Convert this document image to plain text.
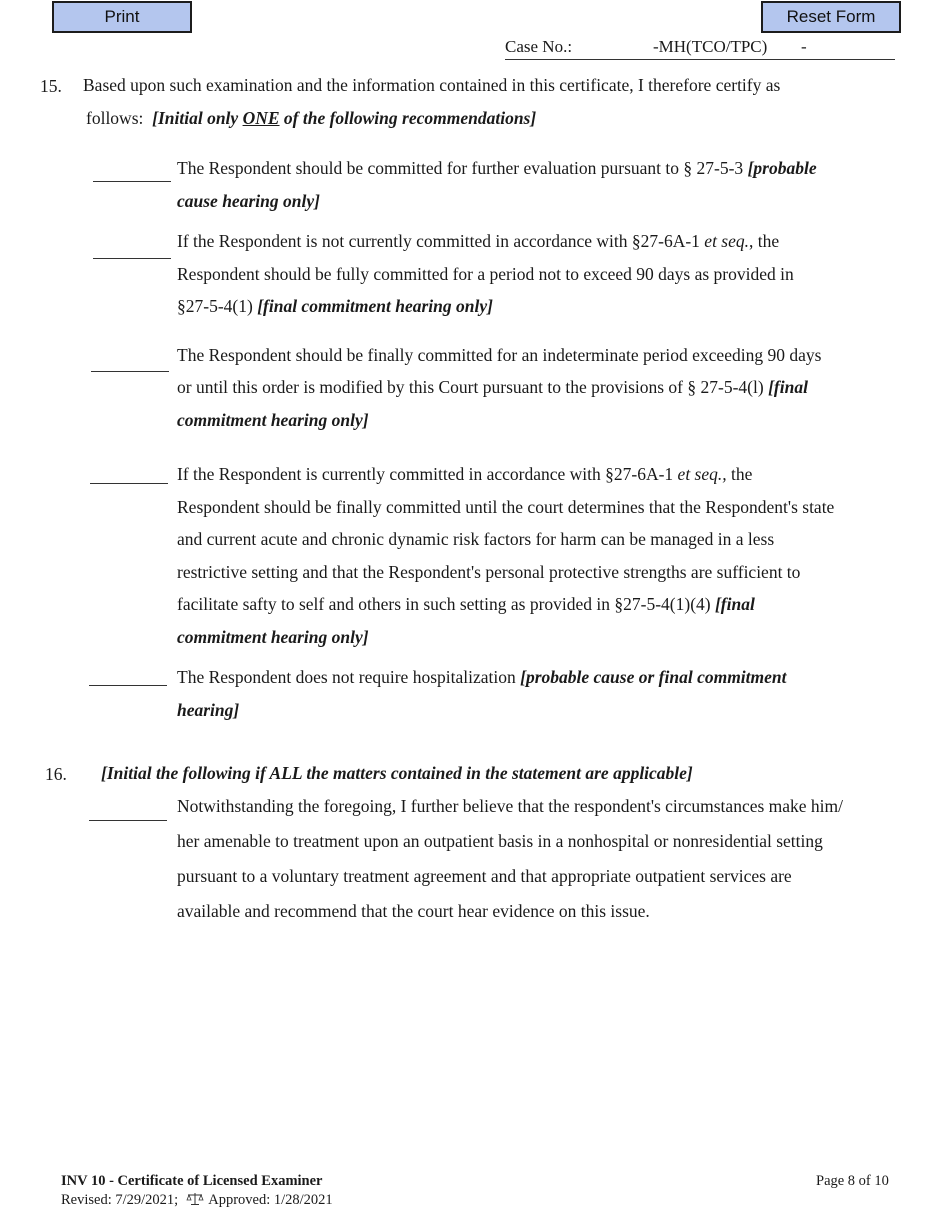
Print	Reset Form
Case No.:	-MH(TCO/TPC) -
15. Based upon such examination and the information contained in this certificate, I therefore certify as
follows: [Initial only ONE of the following recommendations]
The Respondent should be committed for further evaluation pursuant to § 27-5-3 [probable
cause hearing only]
If the Respondent is not currently committed in accordance with §27-6A-1 et seq., the
Respondent should be fully committed for a period not to exceed 90 days as provided in
§27-5-4(1) [final commitment hearing only]
The Respondent should be finally committed for an indeterminate period exceeding 90 days
or until this order is modified by this Court pursuant to the provisions of § 27-5-4(l) [final
commitment hearing only]
If the Respondent is currently committed in accordance with §27-6A-1 et seq., the
Respondent should be finally committed until the court determines that the Respondent's state
and current acute and chronic dynamic risk factors for harm can be managed in a less
restrictive setting and that the Respondent's personal protective strengths are sufficient to
facilitate safty to self and others in such setting as provided in §27-5-4(1)(4) [final
commitment hearing only]
The Respondent does not require hospitalization [probable cause or final commitment
hearing]
16. [Initial the following if ALL the matters contained in the statement are applicable]
Notwithstanding the foregoing, I further believe that the respondent's circumstances make him/
her amenable to treatment upon an outpatient basis in a nonhospital or nonresidential setting
pursuant to a voluntary treatment agreement and that appropriate outpatient services are
available and recommend that the court hear evidence on this issue.
INV 10 - Certificate of Licensed Examiner
Revised: 7/29/2021; Approved: 1/28/2021
Page 8 of 10
